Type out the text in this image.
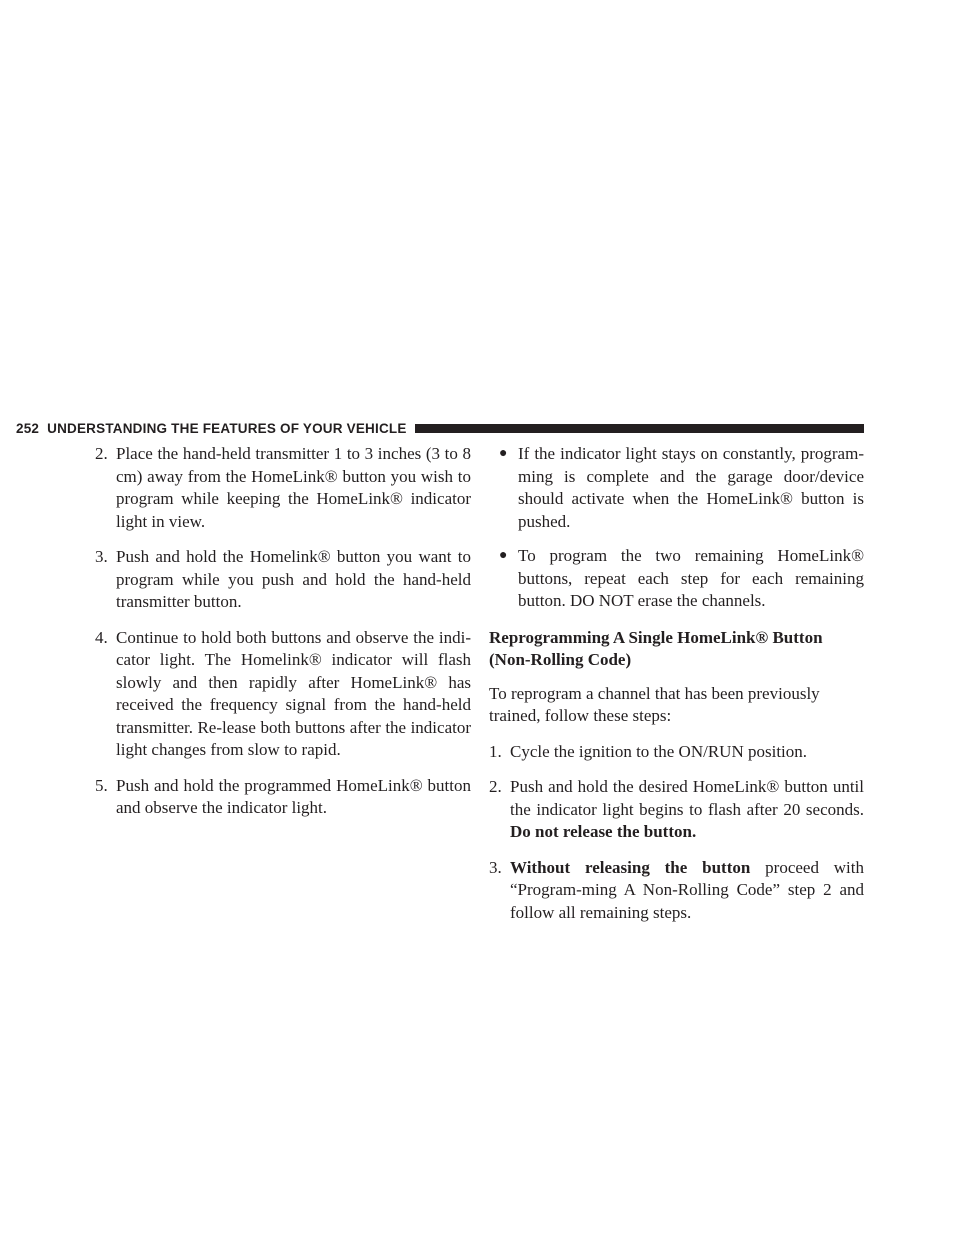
252 UNDERSTANDING THE FEATURES OF YOUR VEHICLE
2. Place the hand-held transmitter 1 to 3 inches (3 to 8 cm) away from the HomeLink® button you wish to program while keeping the HomeLink® indicator light in view.
3. Push and hold the Homelink® button you want to program while you push and hold the hand-held transmitter button.
4. Continue to hold both buttons and observe the indi-cator light. The Homelink® indicator will flash slowly and then rapidly after HomeLink® has received the frequency signal from the hand-held transmitter. Re-lease both buttons after the indicator light changes from slow to rapid.
5. Push and hold the programmed HomeLink® button and observe the indicator light.
● If the indicator light stays on constantly, program-ming is complete and the garage door/device should activate when the HomeLink® button is pushed.
● To program the two remaining HomeLink® buttons, repeat each step for each remaining button. DO NOT erase the channels.
Reprogramming A Single HomeLink® Button
(Non-Rolling Code)
To reprogram a channel that has been previously trained, follow these steps:
1. Cycle the ignition to the ON/RUN position.
2. Push and hold the desired HomeLink® button until the indicator light begins to flash after 20 seconds. Do not release the button.
3. Without releasing the button proceed with “Program-ming A Non-Rolling Code” step 2 and follow all remaining steps.
